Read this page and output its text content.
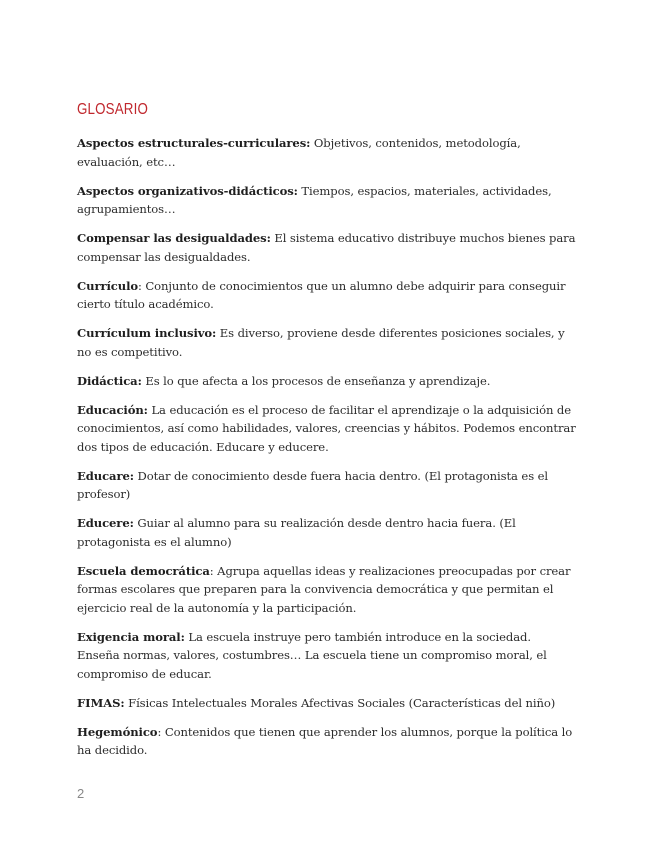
GLOSARIO

Aspectos estructurales-curriculares: Objetivos, contenidos, metodología, evaluación, etc…

Aspectos organizativos-didácticos: Tiempos, espacios, materiales, actividades, agrupamientos…

Compensar las desigualdades: El sistema educativo distribuye muchos bienes para compensar las desigualdades.

Currículo: Conjunto de conocimientos que un alumno debe adquirir para conseguir cierto título académico.

Currículum inclusivo: Es diverso, proviene desde diferentes posiciones sociales, y no es competitivo.

Didáctica: Es lo que afecta a los procesos de enseñanza y aprendizaje.

Educación: La educación es el proceso de facilitar el aprendizaje o la adquisición de conocimientos, así como habilidades, valores, creencias y hábitos. Podemos encontrar dos tipos de educación. Educare y educere.

Educare: Dotar de conocimiento desde fuera hacia dentro. (El protagonista es el profesor)

Educere: Guiar al alumno para su realización desde dentro hacia fuera. (El protagonista es el alumno)

Escuela democrática: Agrupa aquellas ideas y realizaciones preocupadas por crear formas escolares que preparen para la convivencia democrática y que permitan el ejercicio real de la autonomía y la participación.

Exigencia moral: La escuela instruye pero también introduce en la sociedad. Enseña normas, valores, costumbres… La escuela tiene un compromiso moral, el compromiso de educar.

FIMAS: Físicas Intelectuales Morales Afectivas Sociales (Características del niño)

Hegemónico: Contenidos que tienen que aprender los alumnos, porque la política lo ha decidido.

2
